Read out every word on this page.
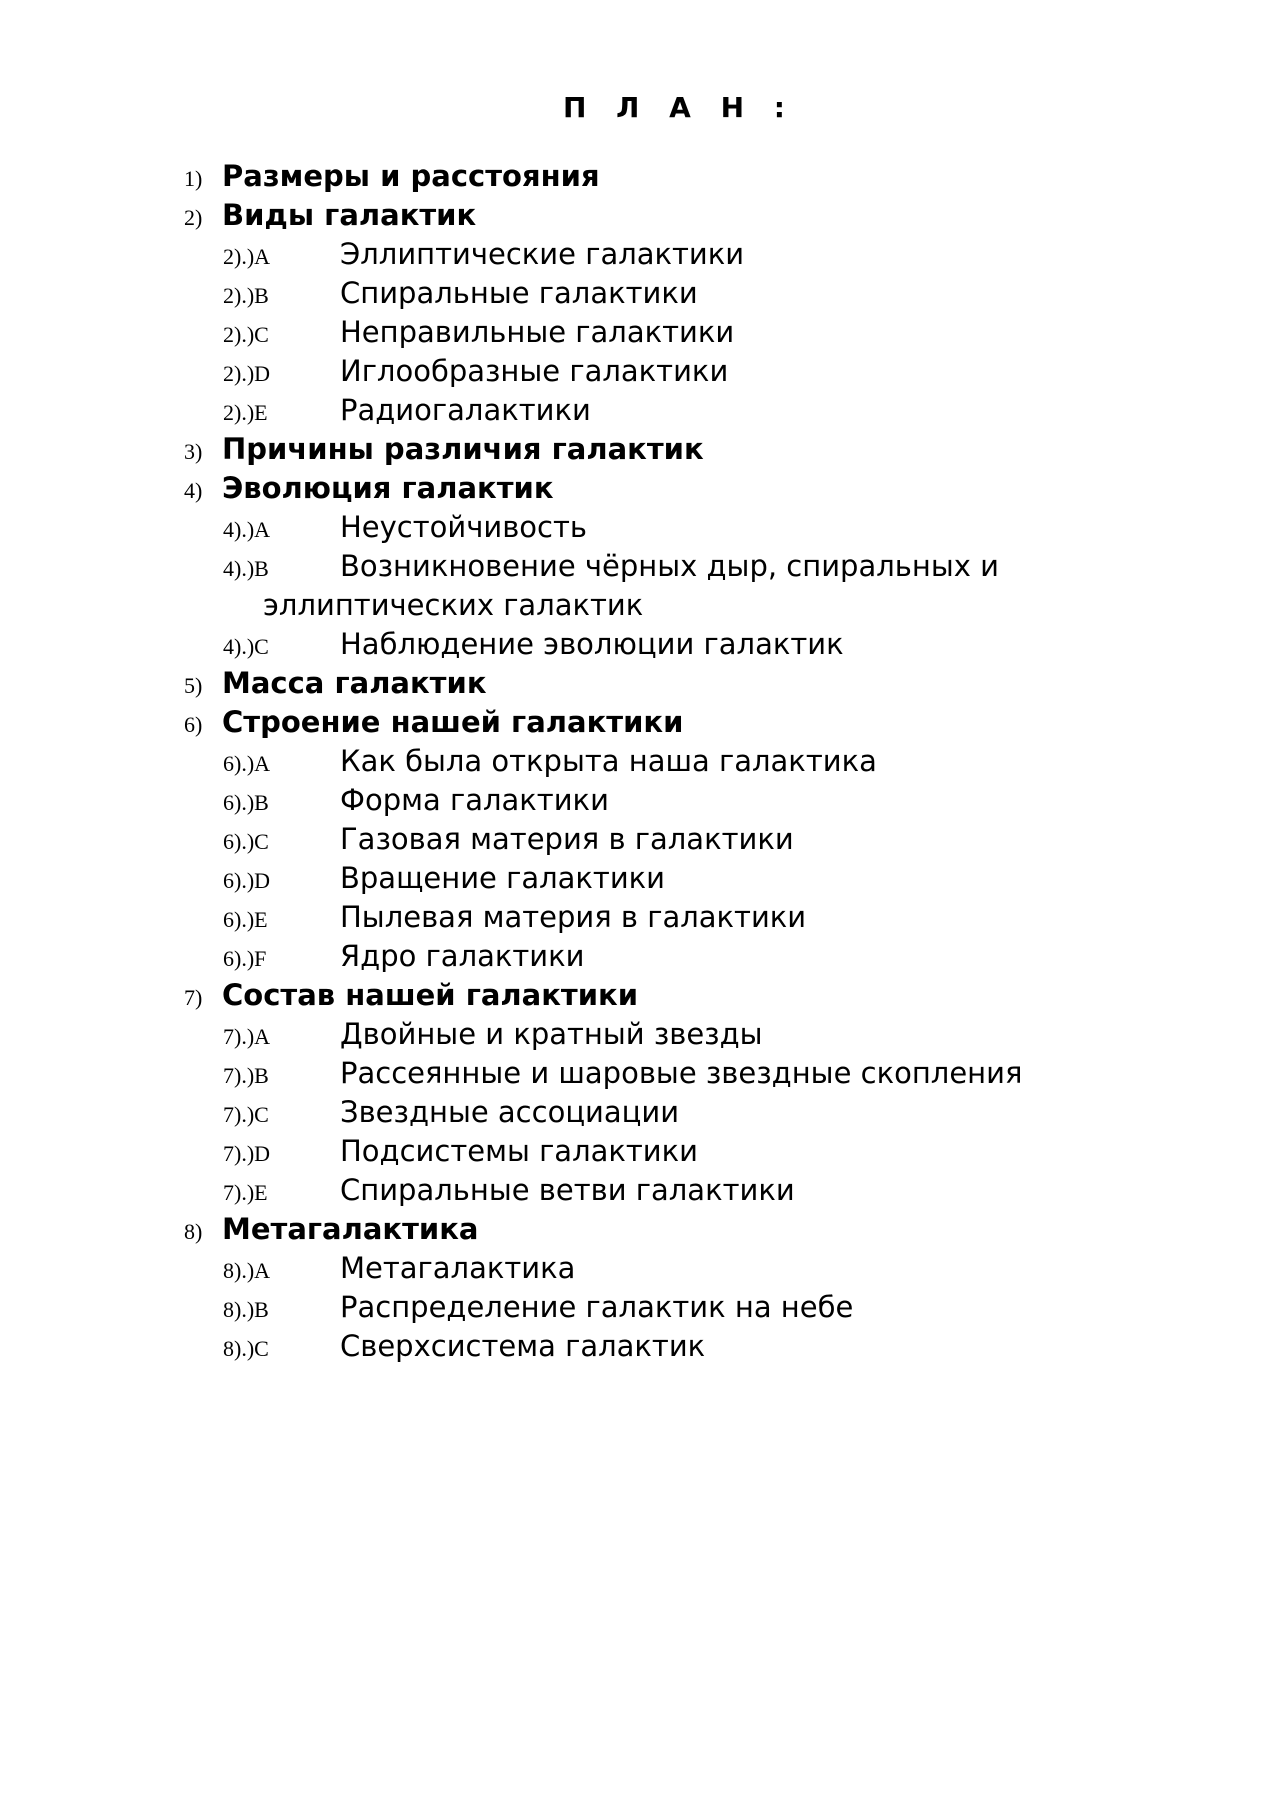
П Л А Н :
1) Размеры и расстояния
2) Виды галактик
2).)A Эллиптические галактики
2).)B Спиральные галактики
2).)C Неправильные галактики
2).)D Иглообразные галактики
2).)E Радиогалактики
3) Причины различия галактик
4) Эволюция галактик
4).)A Неустойчивость
4).)B Возникновение чёрных дыр, спиральных и
эллиптических галактик
4).)C Наблюдение эволюции галактик
5) Масса галактик
6) Строение нашей галактики
6).)A Как была открыта наша галактика
6).)B Форма галактики
6).)C Газовая материя в галактики
6).)D Вращение галактики
6).)E Пылевая материя в галактики
6).)F	Ядро галактики
7) Состав нашей галактики
7).)A Двойные и кратный звезды
7).)B Рассеянные и шаровые звездные скопления
7).)C Звездные ассоциации
7).)D Подсистемы галактики
7).)E Спиральные ветви галактики
8) Метагалактика
8).)A Метагалактика
8).)B Распределение галактик на небе
8).)C Сверхсистема галактик
